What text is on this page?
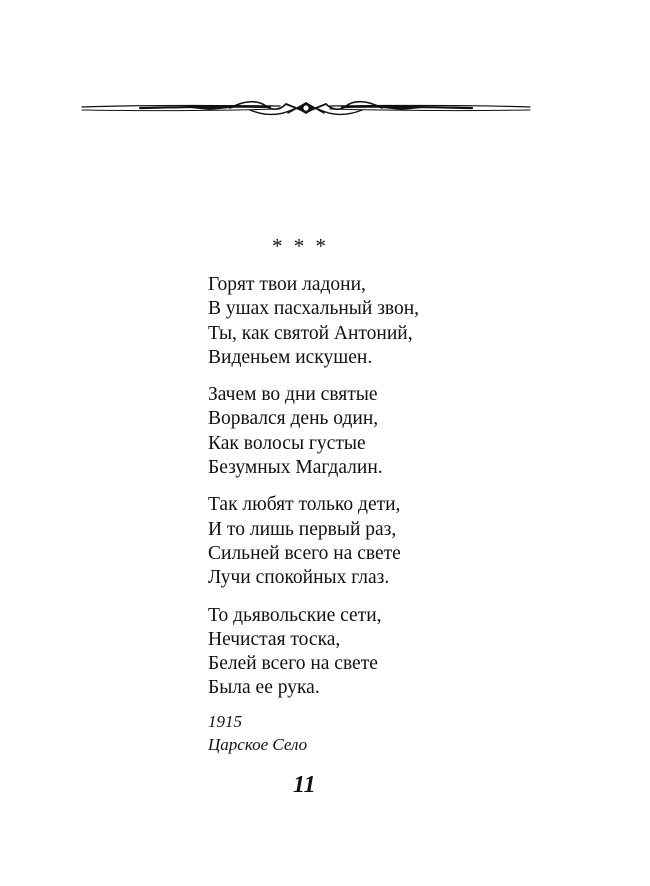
* * *
Горят твои ладони,
В ушах пасхальный звон,
Ты, как святой Антоний,
Виденьем искушен.
Зачем во дни святые
Ворвался день один,
Как волосы густые
Безумных Магдалин.
Так любят только дети,
И то лишь первый раз,
Сильней всего на свете
Лучи спокойных глаз.
То дьявольские сети,
Нечистая тоска,
Белей всего на свете
Была ее рука.
1915
Царское Село
11
